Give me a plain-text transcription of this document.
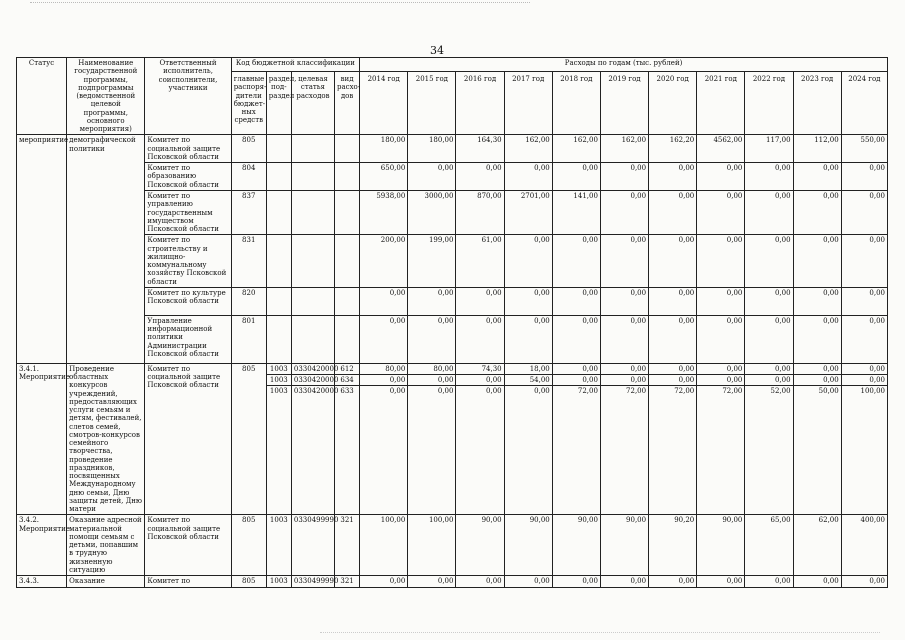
34
Статус	Наименование государственной программы, подпрограммы (ведомственной целевой программы, основного мероприятия)	Ответственный исполнитель, соисполнители, участники	Код бюджетной классификации				Расходы по годам (тыс. рублей)										
			главные распоря-дители бюджет-ных средств	раздел, под-раздел	целевая статья расходов	вид расхо-дов	2014 год	2015 год	2016 год	2017 год	2018 год	2019 год	2020 год	2021 год	2022 год	2023 год	2024 год
мероприятие	демографической политики	Комитет по социальной защите Псковской области	805				180,00	180,00	164,30	162,00	162,00	162,00	162,20	4562,00	117,00	112,00	550,00
		Комитет по образованию Псковской области	804				650,00	0,00	0,00	0,00	0,00	0,00	0,00	0,00	0,00	0,00	0,00
		Комитет по управлению государственным имуществом Псковской области	837				5938,00	3000,00	870,00	2701,00	141,00	0,00	0,00	0,00	0,00	0,00	0,00
		Комитет по строительству и жилищно-коммунальному хозяйству Псковской области	831				200,00	199,00	61,00	0,00	0,00	0,00	0,00	0,00	0,00	0,00	0,00
		Комитет по культуре Псковской области	820				0,00	0,00	0,00	0,00	0,00	0,00	0,00	0,00	0,00	0,00	0,00
		Управление информационной политики Администрации Псковской области	801				0,00	0,00	0,00	0,00	0,00	0,00	0,00	0,00	0,00	0,00	0,00
3.4.1. Мероприятие	Проведение областных конкурсов учреждений, предоставляющих услуги семьям и детям, фестивалей, слетов семей, смотров-конкурсов семейного творчества, проведение праздников, посвященных Международному дню семьи, Дню защиты детей, Дню матери	Комитет по социальной защите Псковской области	805	1003	0330420000	612	80,00	80,00	74,30	18,00	0,00	0,00	0,00	0,00	0,00	0,00	0,00
				1003	0330420000	634	0,00	0,00	0,00	54,00	0,00	0,00	0,00	0,00	0,00	0,00	0,00
				1003	0330420000	633	0,00	0,00	0,00	0,00	72,00	72,00	72,00	72,00	52,00	50,00	100,00
3.4.2. Мероприятие	Оказание адресной материальной помощи семьям с детьми, попавшим в трудную жизненную ситуацию	Комитет по социальной защите Псковской области	805	1003	0330499990	321	100,00	100,00	90,00	90,00	90,00	90,00	90,20	90,00	65,00	62,00	400,00
3.4.3.	Оказание	Комитет по	805	1003	0330499990	321	0,00	0,00	0,00	0,00	0,00	0,00	0,00	0,00	0,00	0,00	0,00
